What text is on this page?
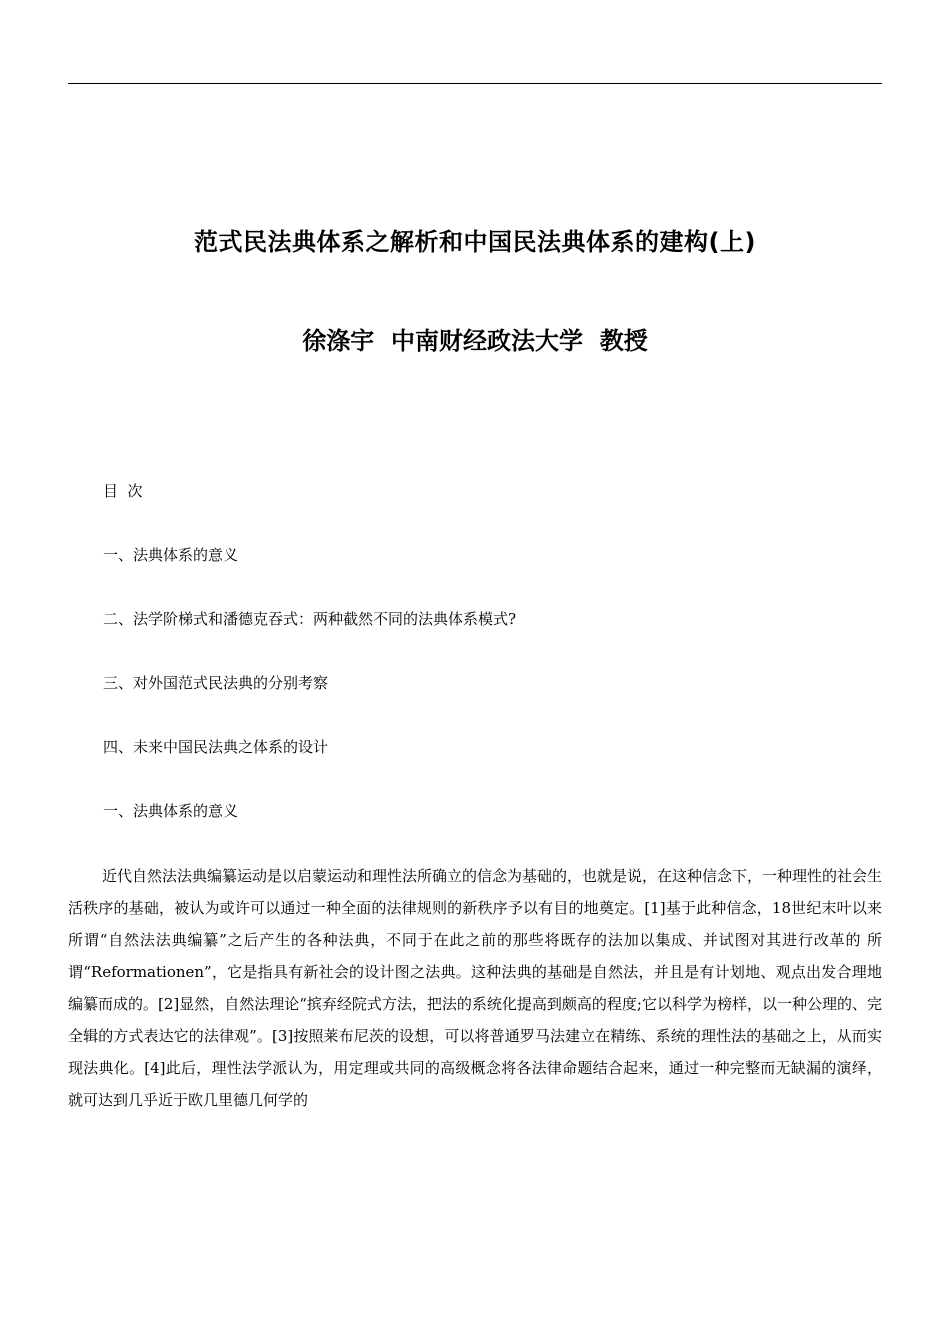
范式民法典体系之解析和中国民法典体系的建构(上)
徐涤宇  中南财经政法大学  教授
目  次
一、法典体系的意义
二、法学阶梯式和潘德克吞式：两种截然不同的法典体系模式?
三、对外国范式民法典的分别考察
四、未来中国民法典之体系的设计
一、法典体系的意义

近代自然法法典编纂运动是以启蒙运动和理性法所确立的信念为基础的，也就是说，在这种信念下，一种理性的社会生活秩序的基础，被认为或许可以通过一种全面的法律规则的新秩序予以有目的地奠定。[1]基于此种信念，18世纪末叶以来所谓“自然法法典编纂”之后产生的各种法典，不同于在此之前的那些将既存的法加以集成、并试图对其进行改革的 所谓“Reformationen”，它是指具有新社会的设计图之法典。这种法典的基础是自然法，并且是有计划地、观点出发合理地编纂而成的。[2]显然，自然法理论“摈弃经院式方法，把法的系统化提高到颇高的程度;它以科学为榜样，以一种公理的、完全辑的方式表达它的法律观”。[3]按照莱布尼茨的设想，可以将普通罗马法建立在精练、系统的理性法的基础之上，从而实现法典化。[4]此后，理性法学派认为，用定理或共同的高级概念将各法律命题结合起来，通过一种完整而无缺漏的演绎，就可达到几乎近于欧几里德几何学的
